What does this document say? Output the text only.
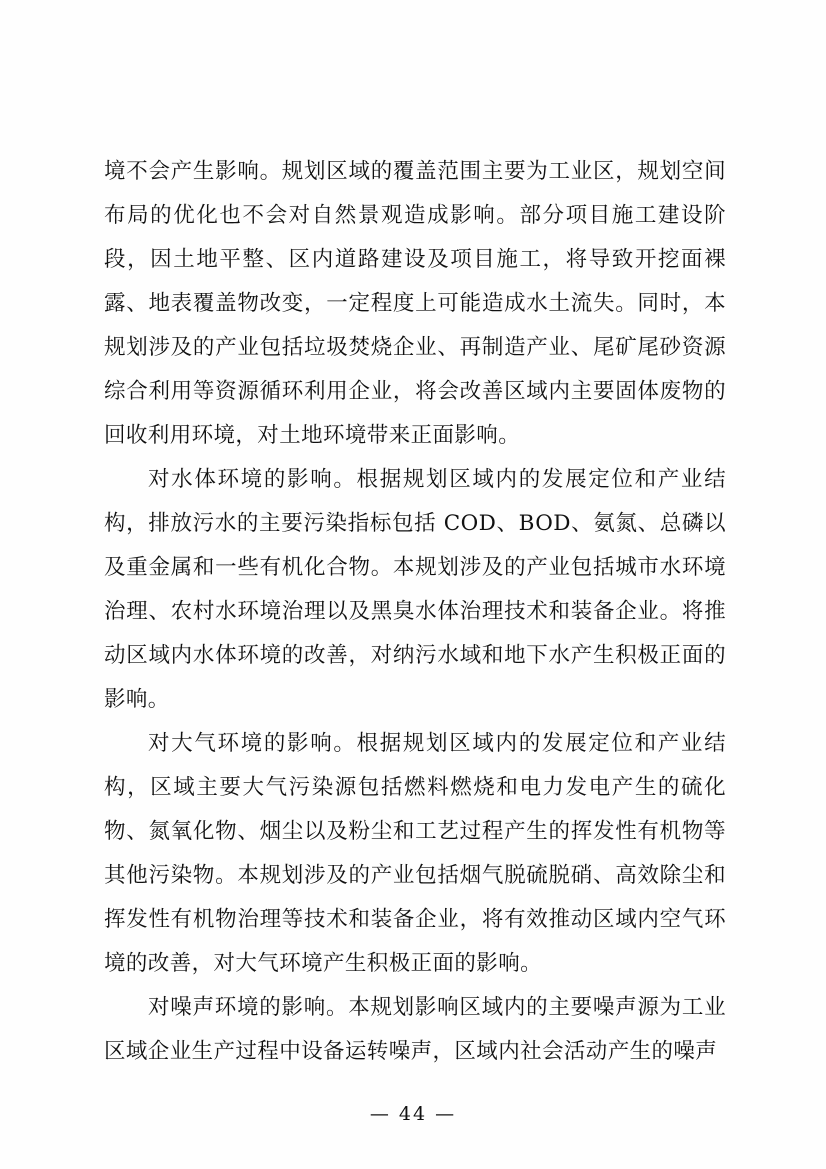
境不会产生影响。规划区域的覆盖范围主要为工业区，规划空间布局的优化也不会对自然景观造成影响。部分项目施工建设阶段，因土地平整、区内道路建设及项目施工，将导致开挖面裸露、地表覆盖物改变，一定程度上可能造成水土流失。同时，本规划涉及的产业包括垃圾焚烧企业、再制造产业、尾矿尾砂资源综合利用等资源循环利用企业，将会改善区域内主要固体废物的回收利用环境，对土地环境带来正面影响。

对水体环境的影响。根据规划区域内的发展定位和产业结构，排放污水的主要污染指标包括 COD、BOD、氨氮、总磷以及重金属和一些有机化合物。本规划涉及的产业包括城市水环境治理、农村水环境治理以及黑臭水体治理技术和装备企业。将推动区域内水体环境的改善，对纳污水域和地下水产生积极正面的影响。

对大气环境的影响。根据规划区域内的发展定位和产业结构，区域主要大气污染源包括燃料燃烧和电力发电产生的硫化物、氮氧化物、烟尘以及粉尘和工艺过程产生的挥发性有机物等其他污染物。本规划涉及的产业包括烟气脱硫脱硝、高效除尘和挥发性有机物治理等技术和装备企业，将有效推动区域内空气环境的改善，对大气环境产生积极正面的影响。

对噪声环境的影响。本规划影响区域内的主要噪声源为工业区域企业生产过程中设备运转噪声，区域内社会活动产生的噪声

— 44 —
